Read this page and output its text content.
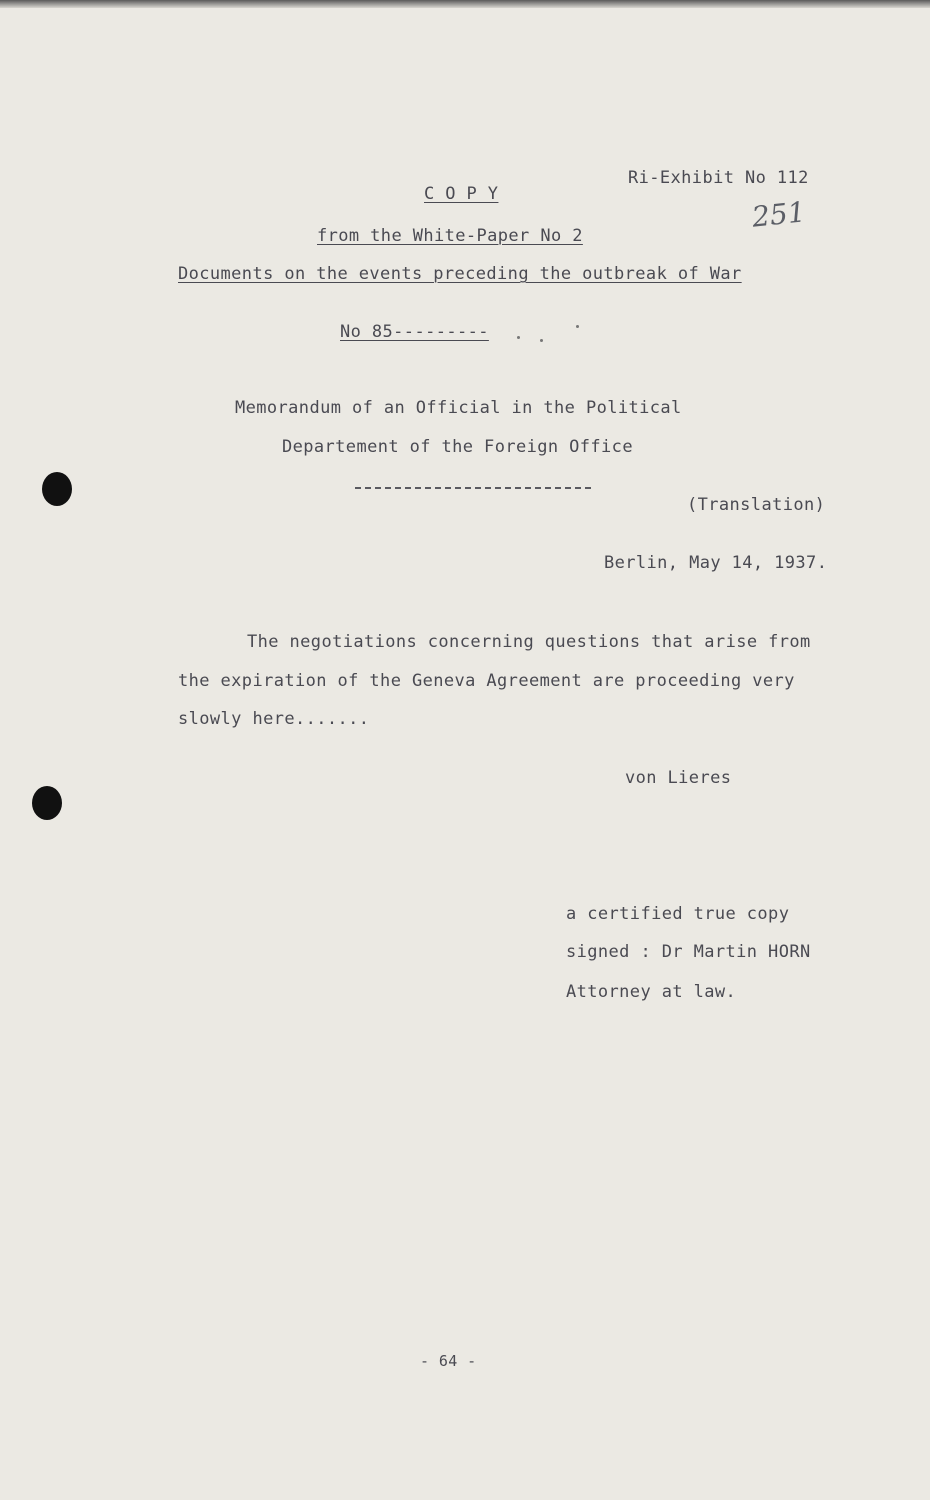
Ri-Exhibit No 112
251
C O P Y
from the White-Paper No 2
Documents on the events preceding the outbreak of War
No 85---------
Memorandum of an Official in the Political
Departement of the Foreign Office
(Translation)
Berlin, May 14, 1937.
The negotiations concerning questions that arise from
the expiration of the Geneva Agreement are proceeding very
slowly here.......
von Lieres
a certified true copy
signed : Dr Martin HORN
Attorney at law.
- 64 -
